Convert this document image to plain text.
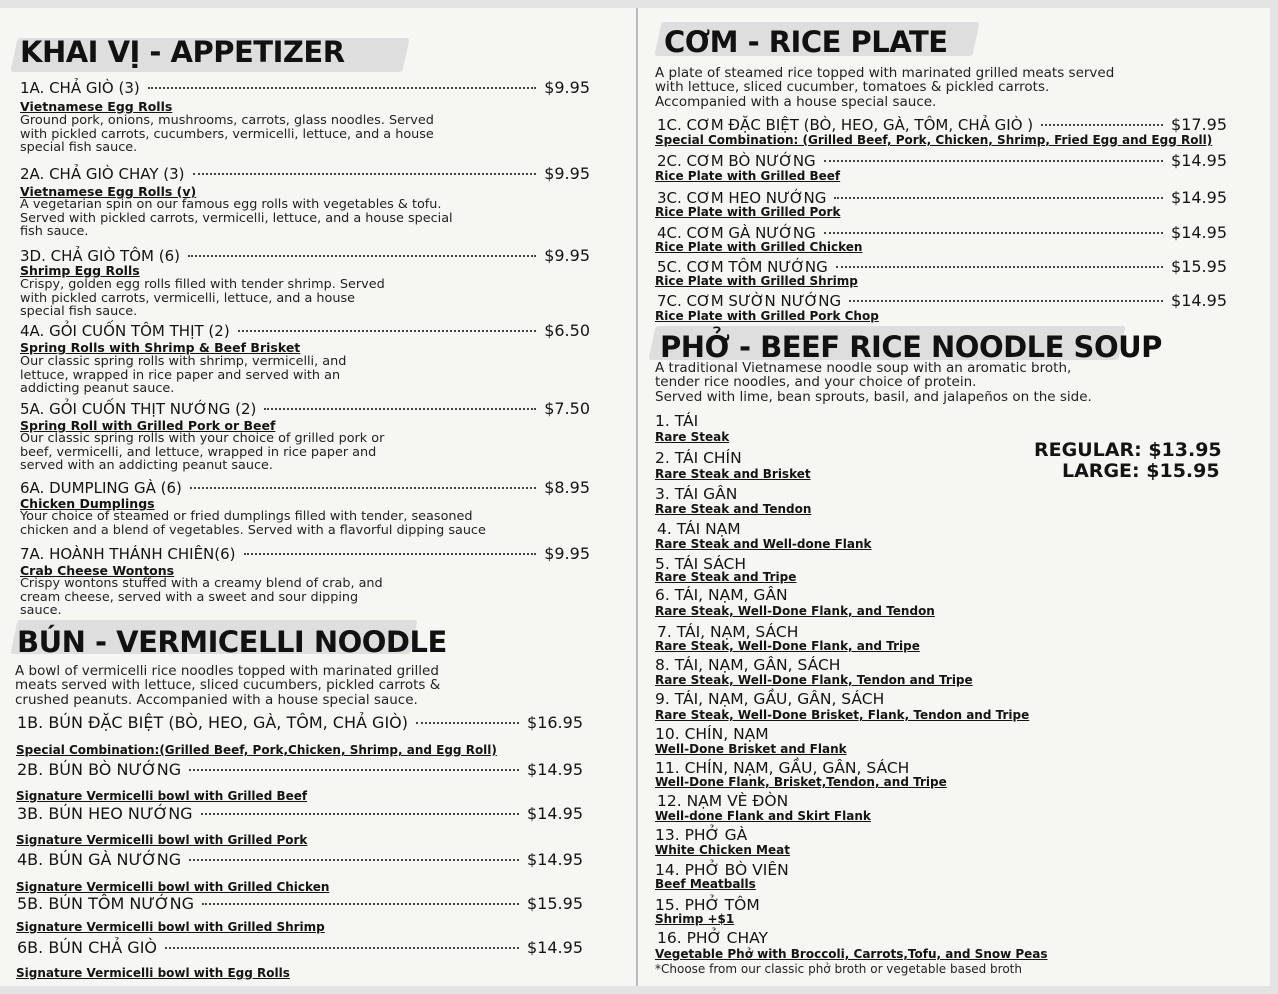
KHAI VỊ - APPETIZER
1A. CHẢ GIÒ (3)	$9.95
Vietnamese Egg Rolls
Ground pork, onions, mushrooms, carrots, glass noodles. Served
with pickled carrots, cucumbers, vermicelli, lettuce, and a house
special fish sauce.
2A. CHẢ GIÒ CHAY (3)	$9.95
Vietnamese Egg Rolls (v)
A vegetarian spin on our famous egg rolls with vegetables & tofu.
Served with pickled carrots, vermicelli, lettuce, and a house special
fish sauce.
3D. CHẢ GIÒ TÔM (6)	$9.95
Shrimp Egg Rolls
Crispy, golden egg rolls filled with tender shrimp. Served
with pickled carrots, vermicelli, lettuce, and a house
special fish sauce.
4A. GỎI CUỐN TÔM THỊT (2)	$6.50
Spring Rolls with Shrimp & Beef Brisket
Our classic spring rolls with shrimp, vermicelli, and
lettuce, wrapped in rice paper and served with an
addicting peanut sauce.
5A. GỎI CUỐN THỊT NƯỚNG (2)	$7.50
Spring Roll with Grilled Pork or Beef
Our classic spring rolls with your choice of grilled pork or
beef, vermicelli, and lettuce, wrapped in rice paper and
served with an addicting peanut sauce.
6A. DUMPLING GÀ (6)	$8.95
Chicken Dumplings
Your choice of steamed or fried dumplings filled with tender, seasoned
chicken and a blend of vegetables. Served with a flavorful dipping sauce
7A. HOÀNH THÁNH CHIÊN(6)	$9.95
Crab Cheese Wontons
Crispy wontons stuffed with a creamy blend of crab, and
cream cheese, served with a sweet and sour dipping
sauce.
BÚN - VERMICELLI NOODLE
A bowl of vermicelli rice noodles topped with marinated grilled
meats served with lettuce, sliced cucumbers, pickled carrots &
crushed peanuts. Accompanied with a house special sauce.
1B. BÚN ĐẶC BIỆT (BÒ, HEO, GÀ, TÔM, CHẢ GIÒ)	$16.95
Special Combination:(Grilled Beef, Pork,Chicken, Shrimp, and Egg Roll)
2B. BÚN BÒ NƯỚNG	$14.95
Signature Vermicelli bowl with Grilled Beef
3B. BÚN HEO NƯỚNG	$14.95
Signature Vermicelli bowl with Grilled Pork
4B. BÚN GÀ NƯỚNG	$14.95
Signature Vermicelli bowl with Grilled Chicken
5B. BÚN TÔM NƯỚNG	$15.95
Signature Vermicelli bowl with Grilled Shrimp
6B. BÚN CHẢ GIÒ	$14.95
Signature Vermicelli bowl with Egg Rolls
CƠM - RICE PLATE
A plate of steamed rice topped with marinated grilled meats served
with lettuce, sliced cucumber, tomatoes & pickled carrots.
Accompanied with a house special sauce.
1C. CƠM ĐẶC BIỆT (BÒ, HEO, GÀ, TÔM, CHẢ GIÒ )	$17.95
Special Combination: (Grilled Beef, Pork, Chicken, Shrimp, Fried Egg and Egg Roll)
2C. CƠM BÒ NƯỚNG	$14.95
Rice Plate with Grilled Beef
3C. CƠM HEO NƯỚNG	$14.95
Rice Plate with Grilled Pork
4C. CƠM GÀ NƯỚNG	$14.95
Rice Plate with Grilled Chicken
5C. CƠM TÔM NƯỚNG	$15.95
Rice Plate with Grilled Shrimp
7C. CƠM SƯỜN NƯỚNG	$14.95
Rice Plate with Grilled Pork Chop
PHỞ - BEEF RICE NOODLE SOUP
A traditional Vietnamese noodle soup with an aromatic broth,
tender rice noodles, and your choice of protein.
Served with lime, bean sprouts, basil, and jalapeños on the side.
REGULAR: $13.95
LARGE: $15.95
1. TÁI
Rare Steak
2. TÁI CHÍN
Rare Steak and Brisket
3. TÁI GÂN
Rare Steak and Tendon
4. TÁI NẠM
Rare Steak and Well-done Flank
5. TÁI SÁCH
Rare Steak and Tripe
6. TÁI, NẠM, GÂN
Rare Steak, Well-Done Flank, and Tendon
7. TÁI, NẠM, SÁCH
Rare Steak, Well-Done Flank, and Tripe
8. TÁI, NẠM, GÂN, SÁCH
Rare Steak, Well-Done Flank, Tendon and Tripe
9. TÁI, NẠM, GẦU, GÂN, SÁCH
Rare Steak, Well-Done Brisket, Flank, Tendon and Tripe
10. CHÍN, NẠM
Well-Done Brisket and Flank
11. CHÍN, NẠM, GẦU, GÂN, SÁCH
Well-Done Flank, Brisket,Tendon, and Tripe
12. NẠM VÈ ĐÒN
Well-done Flank and Skirt Flank
13. PHỞ GÀ
White Chicken Meat
14. PHỞ BÒ VIÊN
Beef Meatballs
15. PHỞ TÔM
Shrimp +$1
16. PHỞ CHAY
Vegetable Phở with Broccoli, Carrots,Tofu, and Snow Peas
*Choose from our classic phở broth or vegetable based broth
